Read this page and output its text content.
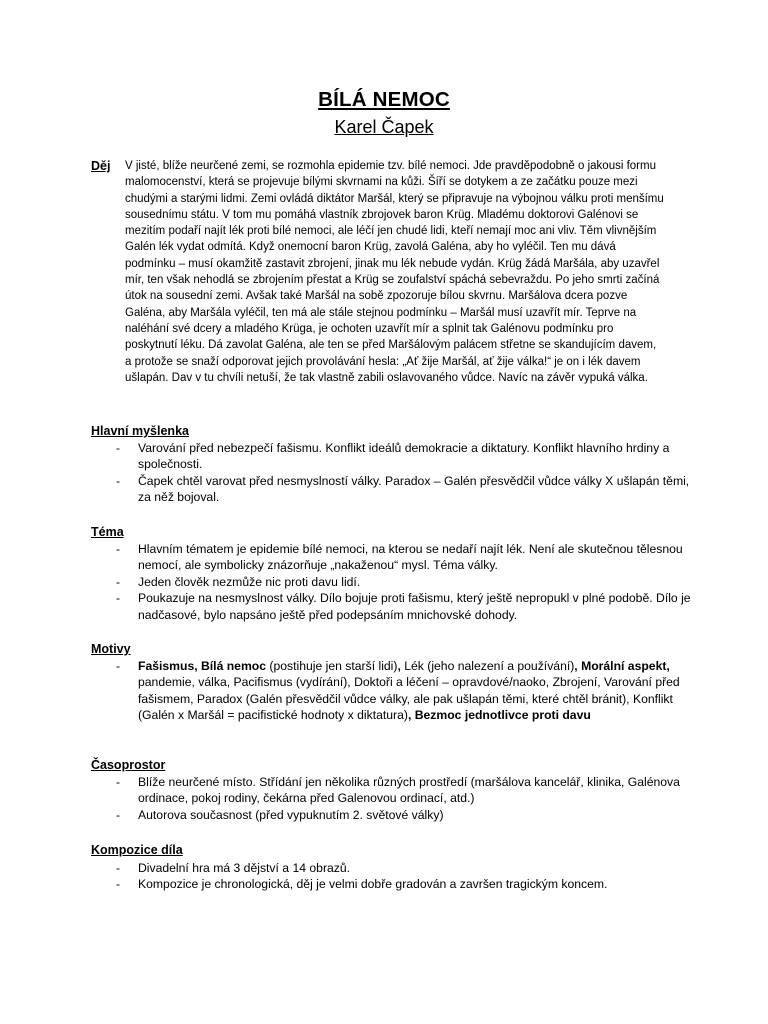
BÍLÁ NEMOC
Karel Čapek
Děj V jisté, blíže neurčené zemi, se rozmohla epidemie tzv. bílé nemoci. Jde pravděpodobně o jakousi formu malomocenství, která se projevuje bílými skvrnami na kůži. Šíří se dotykem a ze začátku pouze mezi chudými a starými lidmi. Zemi ovládá diktátor Maršál, který se připravuje na výbojnou válku proti menšímu sousednímu státu. V tom mu pomáhá vlastník zbrojovek baron Krüg. Mladému doktorovi Galénovi se mezitím podaří najít lék proti bílé nemoci, ale léčí jen chudé lidi, kteří nemají moc ani vliv. Těm vlivnějším Galén lék vydat odmítá. Když onemocní baron Krüg, zavolá Galéna, aby ho vyléčil. Ten mu dává podmínku – musí okamžitě zastavit zbrojení, jinak mu lék nebude vydán. Krüg žádá Maršála, aby uzavřel mír, ten však nehodlá se zbrojením přestat a Krüg se zoufalství spáchá sebevraždu. Po jeho smrti začíná útok na sousední zemi. Avšak také Maršál na sobě zpozoruje bílou skvrnu. Maršálova dcera pozve Galéna, aby Maršála vyléčil, ten má ale stále stejnou podmínku – Maršál musí uzavřít mír. Teprve na naléhání své dcery a mladého Krüga, je ochoten uzavřít mír a splnit tak Galénovu podmínku pro poskytnutí léku. Dá zavolat Galéna, ale ten se před Maršálovým palácem střetne se skandujícím davem, a protože se snaží odporovat jejich provolávání hesla: „Ať žije Maršál, ať žije válka!“ je on i lék davem ušlapán. Dav v tu chvíli netuší, že tak vlastně zabili oslavovaného vůdce. Navíc na závěr vypuká válka.
Hlavní myšlenka
- Varování před nebezpečí fašismu. Konflikt ideálů demokracie a diktatury. Konflikt hlavního hrdiny a společnosti.
- Čapek chtěl varovat před nesmyslností války. Paradox – Galén přesvědčil vůdce války X ušlapán těmi, za něž bojoval.
Téma
- Hlavním tématem je epidemie bílé nemoci, na kterou se nedaří najít lék. Není ale skutečnou tělesnou nemocí, ale symbolicky znázorňuje „nakaženou“ mysl. Téma války.
- Jeden člověk nezmůže nic proti davu lidí.
- Poukazuje na nesmyslnost války. Dílo bojuje proti fašismu, který ještě nepropukl v plné podobě. Dílo je nadčasové, bylo napsáno ještě před podepsáním mnichovské dohody.
Motivy
- Fašismus, Bílá nemoc (postihuje jen starší lidi), Lék (jeho nalezení a používání), Morální aspekt, pandemie, válka, Pacifismus (vydírání), Doktoři a léčení – opravdové/naoko, Zbrojení, Varování před fašismem, Paradox (Galén přesvědčil vůdce války, ale pak ušlapán těmi, které chtěl bránit), Konflikt (Galén x Maršál = pacifistické hodnoty x diktatura), Bezmoc jednotlivce proti davu
Časoprostor
- Blíže neurčené místo. Střídání jen několika různých prostředí (maršálova kancelář, klinika, Galénova ordinace, pokoj rodiny, čekárna před Galenovou ordinací, atd.)
- Autorova současnost (před vypuknutím 2. světové války)
Kompozice díla
- Divadelní hra má 3 dějství a 14 obrazů.
- Kompozice je chronologická, děj je velmi dobře gradován a završen tragickým koncem.
